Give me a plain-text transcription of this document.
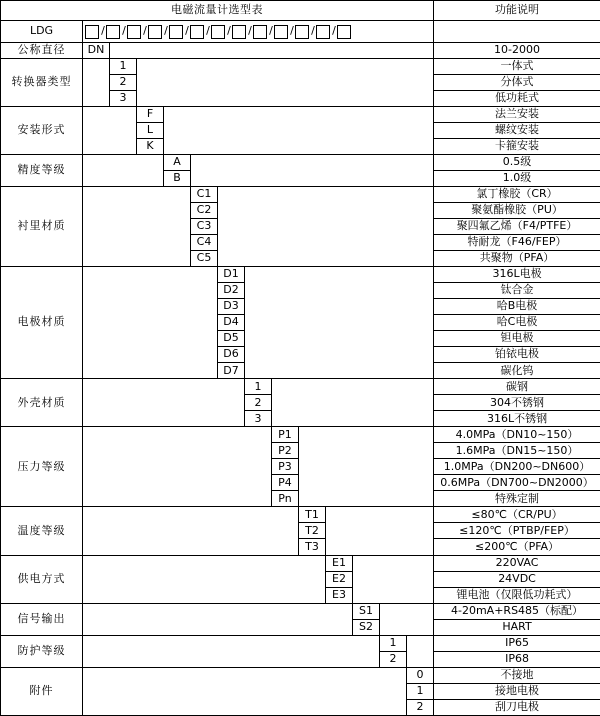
电磁流量计选型表														功能说明	
LDG	/ / / / / / / / / / / /

公称直径	DN													10-2000	
转换器类型		1												一体式	
		2												分体式	
		3												低功耗式	
安装形式			F											法兰安装	
			L											螺纹安装	
			K											卡箍安装	
精度等级				A										0.5级	
				B										1.0级	
衬里材质					C1									氯丁橡胶（CR）	
					C2									聚氨酯橡胶（PU）	
					C3									聚四氟乙烯（F4/PTFE）	
					C4									特耐龙（F46/FEP）	
					C5									共聚物（PFA）	
电极材质						D1								316L电极	
						D2								钛合金	
						D3								哈B电极	
						D4								哈C电极	
						D5								钽电极	
						D6								铂铱电极	
						D7								碳化钨	
外壳材质							1							碳钢	
							2							304不锈钢	
							3							316L不锈钢	
压力等级								P1						4.0MPa（DN10~150）	
								P2						1.6MPa（DN15~150）	
								P3						1.0MPa（DN200~DN600）	
								P4						0.6MPa（DN700~DN2000）	
								Pn						特殊定制	
温度等级									T1					≤80℃（CR/PU）	
									T2					≤120℃（PTBP/FEP）	
									T3					≤200℃（PFA）	
供电方式										E1				220VAC	
										E2				24VDC	
										E3				锂电池（仅限低功耗式）	
信号输出											S1			4-20mA+RS485（标配）	
											S2			HART	
防护等级												1		IP65	
												2		IP68	
附件													0	不接地	
													1	接地电极	
													2	刮刀电极	
